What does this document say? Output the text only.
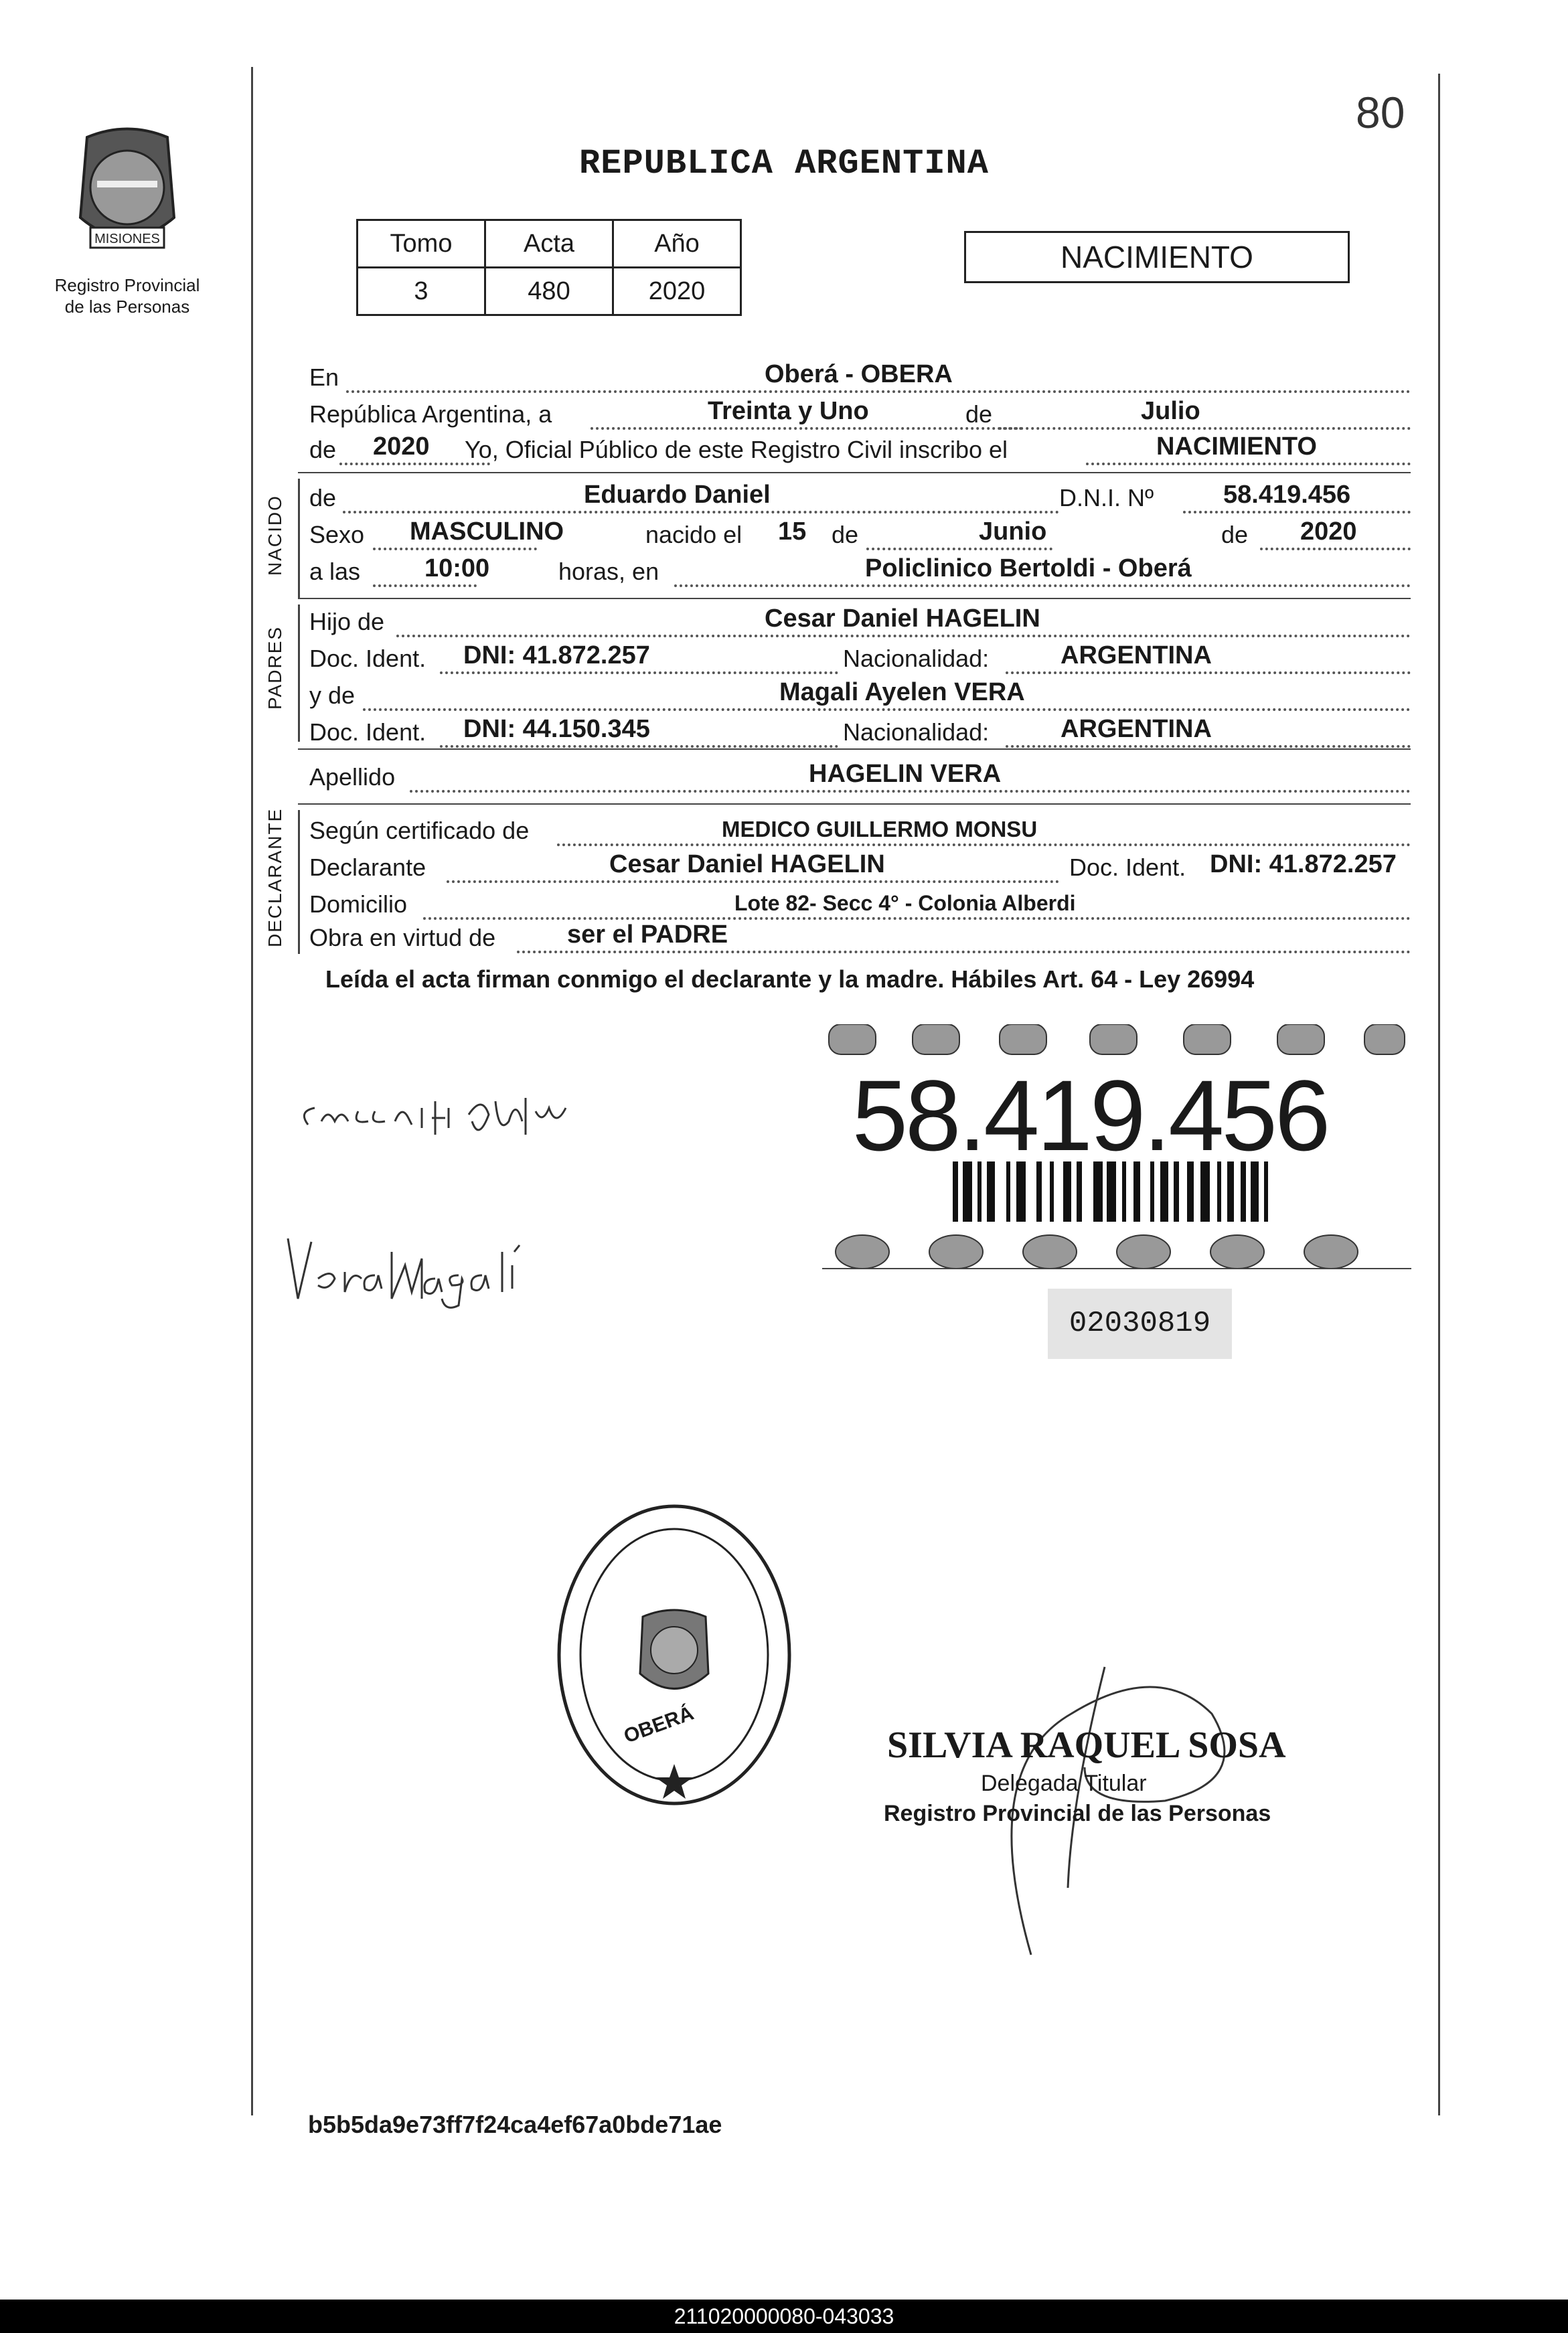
80
REPUBLICA ARGENTINA
MISIONES
Registro Provincial
de las Personas
Tomo	Acta	Año
3	480	2020
NACIMIENTO
En	Oberá - OBERA
República Argentina, a	Treinta y Uno	de	Julio
de 2020 Yo, Oficial Público de este Registro Civil inscribo el	NACIMIENTO
NACIDO de	Eduardo Daniel	D.N.I. Nº	58.419.456
Sexo MASCULINO	nacido el 15 de	Junio	de 2020
a las	10:00	horas, en	Policlinico Bertoldi - Oberá
PADRES
Hijo de	Cesar Daniel HAGELIN
Doc. Ident. DNI: 41.872.257	Nacionalidad:	ARGENTINA
y de	Magali Ayelen VERA
Doc. Ident. DNI: 44.150.345	Nacionalidad:	ARGENTINA
Apellido	HAGELIN VERA
DECLARANTE Según certificado de	MEDICO GUILLERMO MONSU
Declarante	Cesar Daniel HAGELIN	Doc. Ident. DNI: 41.872.257
Domicilio	Lote 82- Secc 4° - Colonia Alberdi
Obra en virtud de	ser el PADRE
Leída el acta firman conmigo el declarante y la madre. Hábiles Art. 64 - Ley 26994
58.419.456
02030819
OBERÁ	SILVIA RAQUEL SOSA
Delegada Titular
Registro Provincial de las Personas
b5b5da9e73ff7f24ca4ef67a0bde71ae
211020000080-043033
